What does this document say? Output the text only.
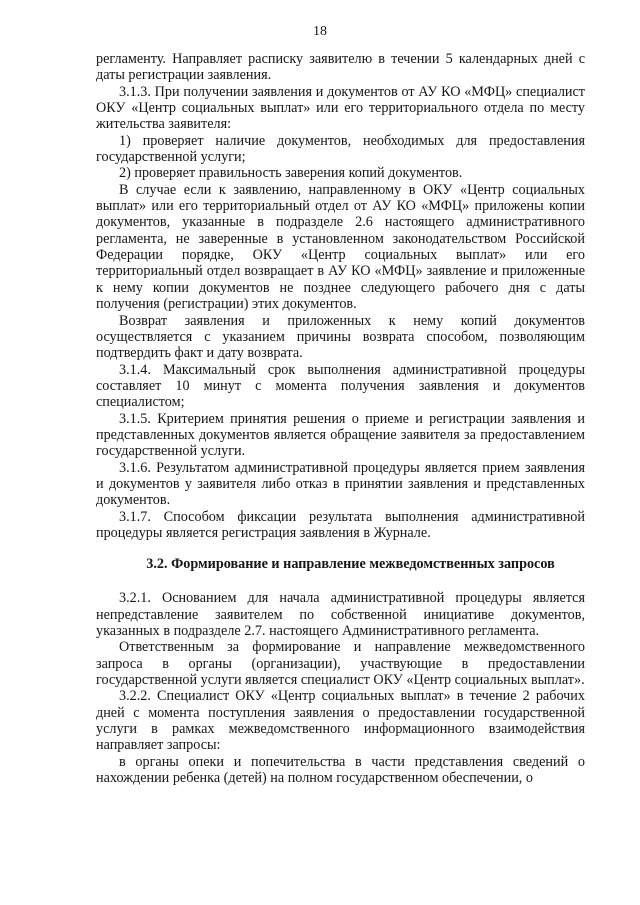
18

регламенту. Направляет расписку заявителю в течении 5 календарных дней с даты регистрации заявления.

3.1.3. При получении заявления и документов от АУ КО «МФЦ» специалист ОКУ «Центр социальных выплат» или его территориального отдела по месту жительства заявителя:

1) проверяет наличие документов, необходимых для предоставления государственной услуги;

2) проверяет правильность заверения копий документов.

В случае если к заявлению, направленному в ОКУ «Центр социальных выплат» или его территориальный отдел от АУ КО «МФЦ» приложены копии документов, указанные в подразделе 2.6 настоящего административного регламента, не заверенные в установленном законодательством Российской Федерации порядке, ОКУ «Центр социальных выплат» или его территориальный отдел возвращает в АУ КО «МФЦ» заявление и приложенные к нему копии документов не позднее следующего рабочего дня с даты получения (регистрации) этих документов.

Возврат заявления и приложенных к нему копий документов осуществляется с указанием причины возврата способом, позволяющим подтвердить факт и дату возврата.

3.1.4. Максимальный срок выполнения административной процедуры составляет 10 минут с момента получения заявления и документов специалистом;

3.1.5. Критерием принятия решения о приеме и регистрации заявления и представленных документов является обращение заявителя за предоставлением государственной услуги.

3.1.6. Результатом административной процедуры является прием заявления и документов у заявителя либо отказ в принятии заявления и представленных документов.

3.1.7. Способом фиксации результата выполнения административной процедуры является регистрация заявления в Журнале.

3.2. Формирование и направление межведомственных запросов

3.2.1. Основанием для начала административной процедуры является непредставление заявителем по собственной инициативе документов, указанных в подразделе 2.7. настоящего Административного регламента.

Ответственным за формирование и направление межведомственного запроса в органы (организации), участвующие в предоставлении государственной услуги является специалист ОКУ «Центр социальных выплат».

3.2.2. Специалист ОКУ «Центр социальных выплат» в течение 2 рабочих дней с момента поступления заявления о предоставлении государственной услуги в рамках межведомственного информационного взаимодействия направляет запросы:

в органы опеки и попечительства в части представления сведений о нахождении ребенка (детей) на полном государственном обеспечении, о
